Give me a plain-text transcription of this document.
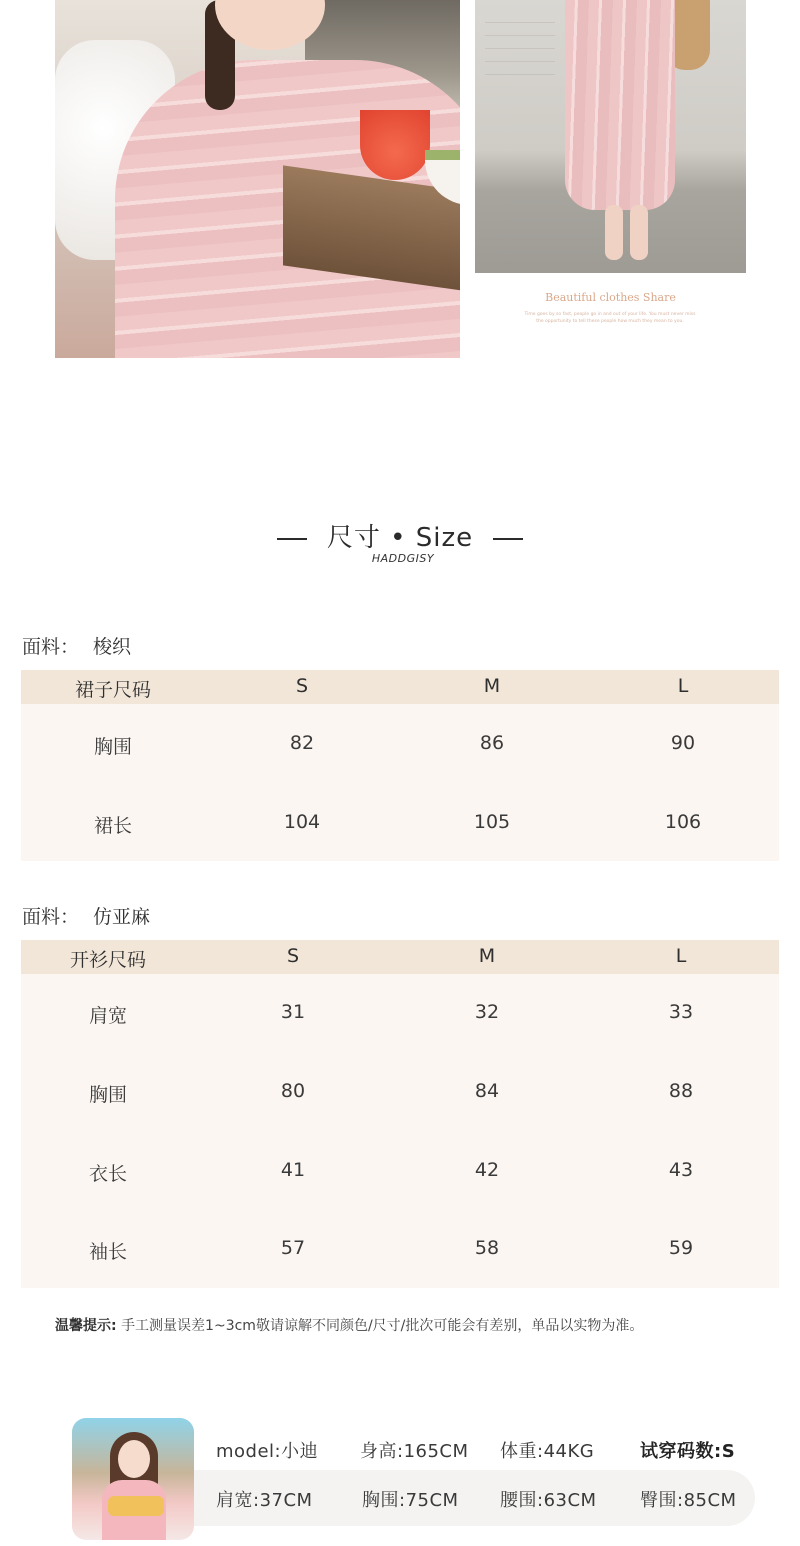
Beautiful clothes Share
Time goes by so fast, people go in and out of your life. You must never miss
the opportunity to tell these people how much they mean to you.
尺寸 • Size
HADDGISY
面料： 梭织
裙子尺码	S	M	L
胸围	82	86	90
裙长	104	105	106
面料： 仿亚麻
开衫尺码	S	M	L
肩宽	31	32	33
胸围	80	84	88
衣长	41	42	43
袖长	57	58	59
温馨提示: 手工测量误差1~3cm敬请谅解不同颜色/尺寸/批次可能会有差别，单品以实物为准。
model:小迪 身高:165CM 体重:44KG	试穿码数:S
肩宽:37CM	胸围:75CM 腰围:63CM 臀围:85CM
